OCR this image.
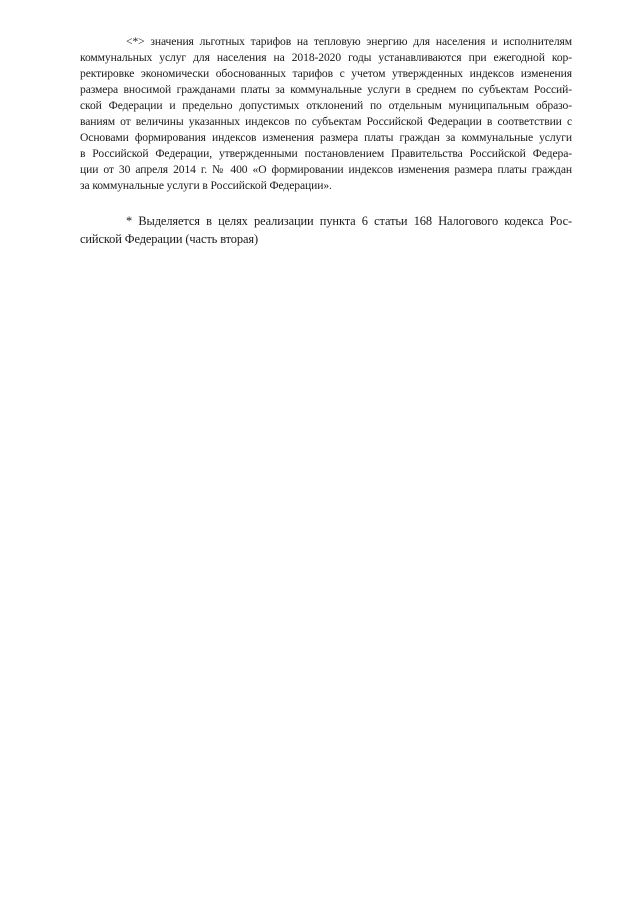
<*> значения льготных тарифов на тепловую энергию для населения и исполнителям
коммунальных услуг для населения на 2018-2020 годы устанавливаются при ежегодной кор-
ректировке экономически обоснованных тарифов с учетом утвержденных индексов изменения
размера вносимой гражданами платы за коммунальные услуги в среднем по субъектам Россий-
ской Федерации и предельно допустимых отклонений по отдельным муниципальным образо-
ваниям от величины указанных индексов по субъектам Российской Федерации в соответствии с
Основами формирования индексов изменения размера платы граждан за коммунальные услуги
в Российской Федерации, утвержденными постановлением Правительства Российской Федера-
ции от 30 апреля 2014 г. № 400 «О формировании индексов изменения размера платы граждан
за коммунальные услуги в Российской Федерации».

* Выделяется в целях реализации пункта 6 статьи 168 Налогового кодекса Рос-
сийской Федерации (часть вторая)
